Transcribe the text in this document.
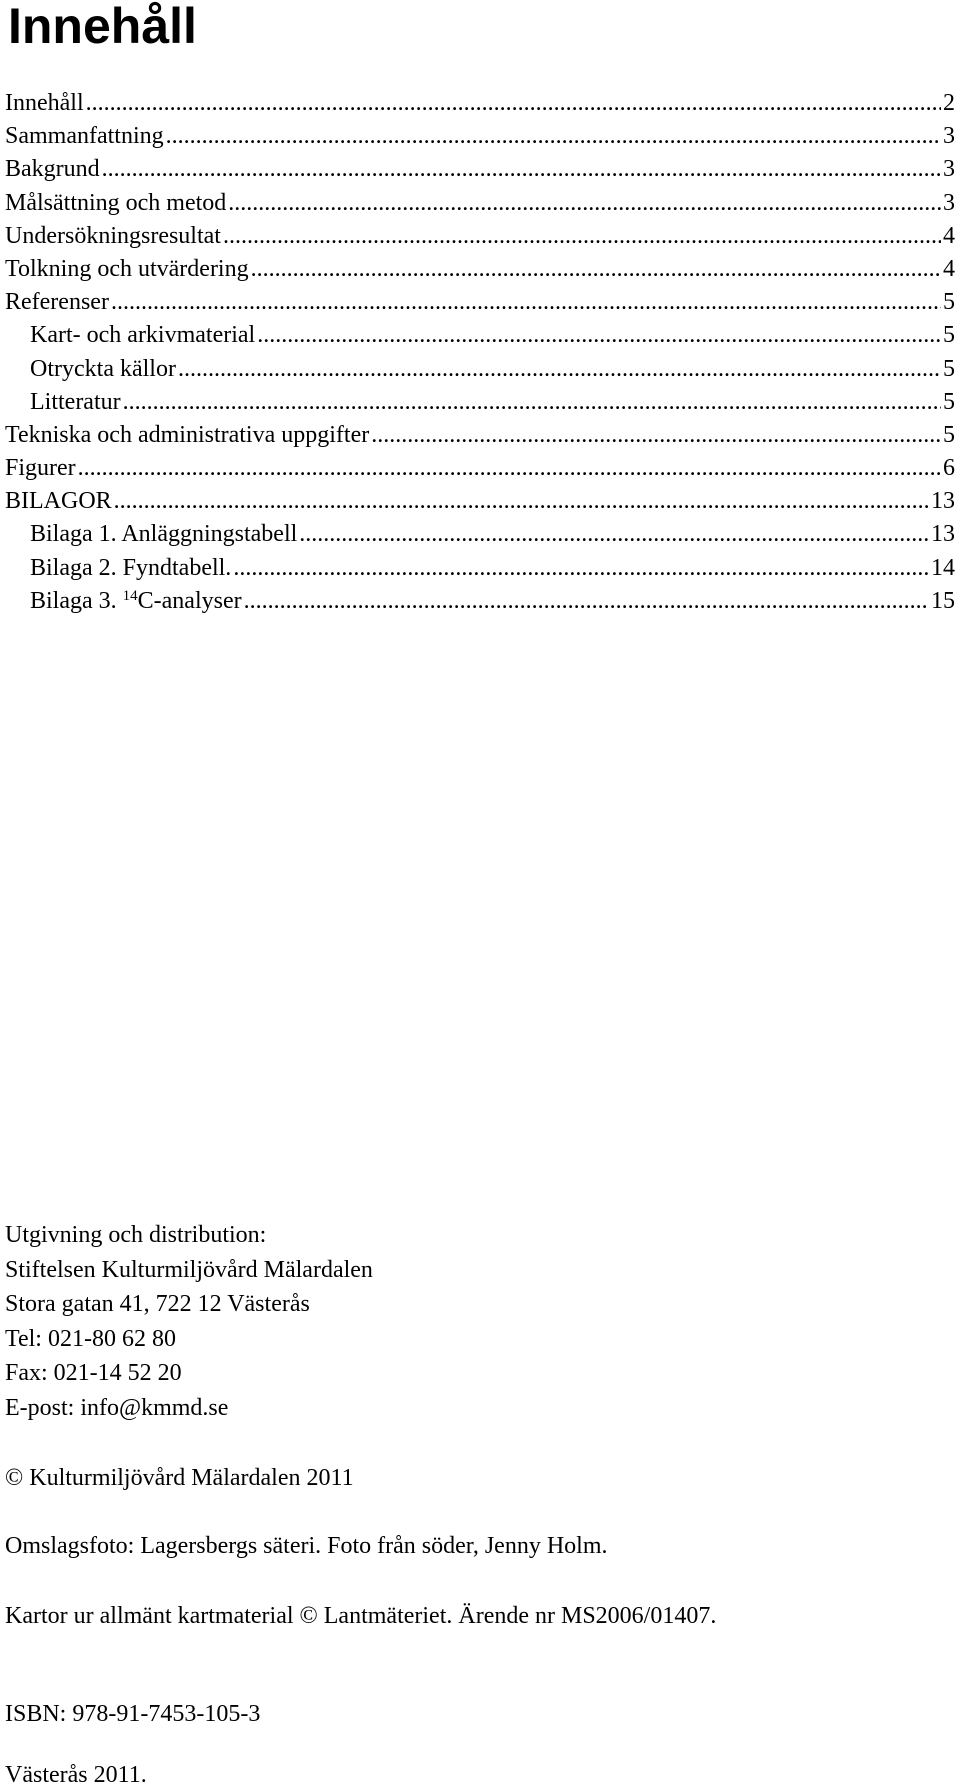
Innehåll
Innehåll .....	2
Sammanfattning .....	3
Bakgrund .....	3
Målsättning och metod .....	3
Undersökningsresultat .....	4
Tolkning och utvärdering .....	4
Referenser .....	5
Kart- och arkivmaterial .....	5
Otryckta källor .....	5
Litteratur .....	5
Tekniska och administrativa uppgifter .....	5
Figurer .....	6
BILAGOR .....	13
Bilaga 1. Anläggningstabell .....	13
Bilaga 2. Fyndtabell. .....	14
Bilaga 3. $^{14}$C-analyser .....	15
Utgivning och distribution:
Stiftelsen Kulturmiljövård Mälardalen
Stora gatan 41, 722 12 Västerås
Tel: 021-80 62 80
Fax: 021-14 52 20
E-post: info@kmmd.se
© Kulturmiljövård Mälardalen 2011
Omslagsfoto: Lagersbergs säteri. Foto från söder, Jenny Holm.
Kartor ur allmänt kartmaterial © Lantmäteriet. Ärende nr MS2006/01407.
ISBN: 978-91-7453-105-3
Västerås 2011.
